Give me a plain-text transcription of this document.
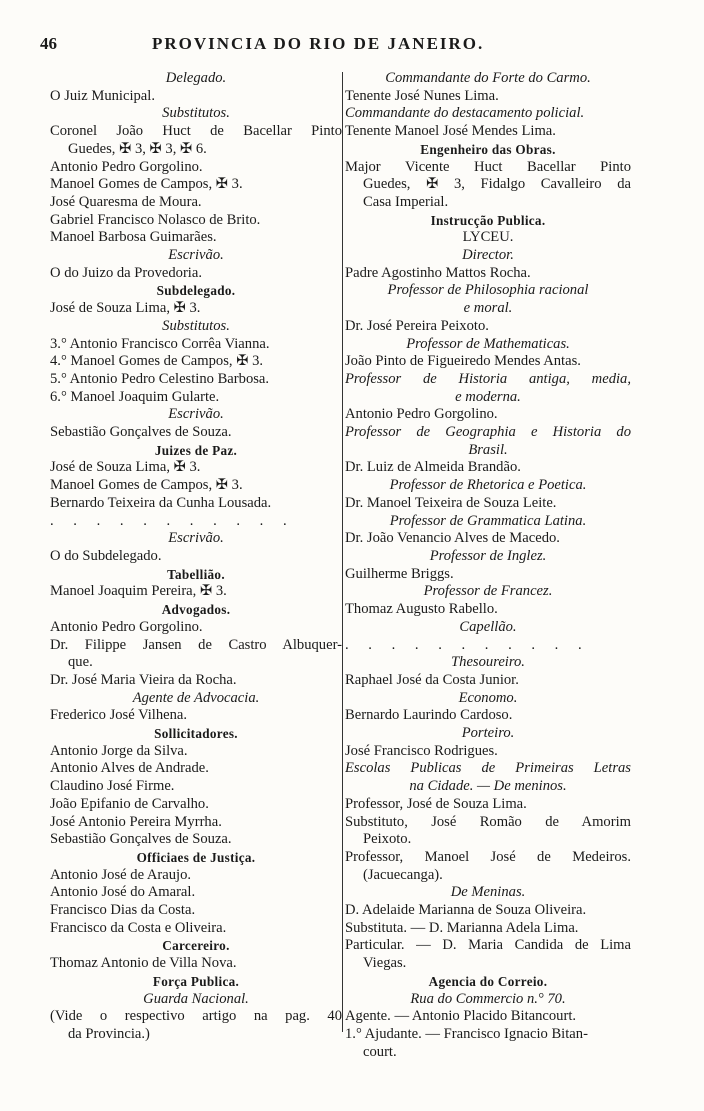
46	PROVINCIA DO RIO DE JANEIRO.
Delegado.
O Juiz Municipal.
Substitutos.
Coronel João Huct de Bacellar Pinto
Guedes, ✠ 3, ✠ 3, ✠ 6.
Antonio Pedro Gorgolino.
Manoel Gomes de Campos, ✠ 3.
José Quaresma de Moura.
Gabriel Francisco Nolasco de Brito.
Manoel Barbosa Guimarães.
Escrivão.
O do Juizo da Provedoria.
Subdelegado.
José de Souza Lima, ✠ 3.
Substitutos.
3.° Antonio Francisco Corrêa Vianna.
4.° Manoel Gomes de Campos, ✠ 3.
5.° Antonio Pedro Celestino Barbosa.
6.° Manoel Joaquim Gularte.
Escrivão.
Sebastião Gonçalves de Souza.
Juizes de Paz.
José de Souza Lima, ✠ 3.
Manoel Gomes de Campos, ✠ 3.
Bernardo Teixeira da Cunha Lousada.
. . . . . . . . . . .
Escrivão.
O do Subdelegado.
Tabellião.
Manoel Joaquim Pereira, ✠ 3.
Advogados.
Antonio Pedro Gorgolino.
Dr. Filippe Jansen de Castro Albuquer-
que.
Dr. José Maria Vieira da Rocha.
Agente de Advocacia.
Frederico José Vilhena.
Sollicitadores.
Antonio Jorge da Silva.
Antonio Alves de Andrade.
Claudino José Firme.
João Epifanio de Carvalho.
José Antonio Pereira Myrrha.
Sebastião Gonçalves de Souza.
Officiaes de Justiça.
Antonio José de Araujo.
Antonio José do Amaral.
Francisco Dias da Costa.
Francisco da Costa e Oliveira.
Carcereiro.
Thomaz Antonio de Villa Nova.
Força Publica.
Guarda Nacional.
(Vide o respectivo artigo na pag. 40
da Provincia.)
Commandante do Forte do Carmo.
Tenente José Nunes Lima.
Commandante do destacamento policial.
Tenente Manoel José Mendes Lima.
Engenheiro das Obras.
Major Vicente Huct Bacellar Pinto
Guedes, ✠ 3, Fidalgo Cavalleiro da
Casa Imperial.
Instrucção Publica.
LYCEU.
Director.
Padre Agostinho Mattos Rocha.
Professor de Philosophia racional
e moral.
Dr. José Pereira Peixoto.
Professor de Mathematicas.
João Pinto de Figueiredo Mendes Antas.
Professor de Historia antiga, media,
e moderna.
Antonio Pedro Gorgolino.
Professor de Geographia e Historia do
Brasil.
Dr. Luiz de Almeida Brandão.
Professor de Rhetorica e Poetica.
Dr. Manoel Teixeira de Souza Leite.
Professor de Grammatica Latina.
Dr. João Venancio Alves de Macedo.
Professor de Inglez.
Guilherme Briggs.
Professor de Francez.
Thomaz Augusto Rabello.
Capellão.
. . . . . . . . . . .
Thesoureiro.
Raphael José da Costa Junior.
Economo.
Bernardo Laurindo Cardoso.
Porteiro.
José Francisco Rodrigues.
Escolas Publicas de Primeiras Letras
na Cidade. — De meninos.
Professor, José de Souza Lima.
Substituto, José Romão de Amorim
Peixoto.
Professor, Manoel José de Medeiros.
(Jacuecanga).
De Meninas.
D. Adelaide Marianna de Souza Oliveira.
Substituta. — D. Marianna Adela Lima.
Particular. — D. Maria Candida de Lima
Viegas.
Agencia do Correio.
Rua do Commercio n.° 70.
Agente. — Antonio Placido Bitancourt.
1.° Ajudante. — Francisco Ignacio Bitan-
court.
